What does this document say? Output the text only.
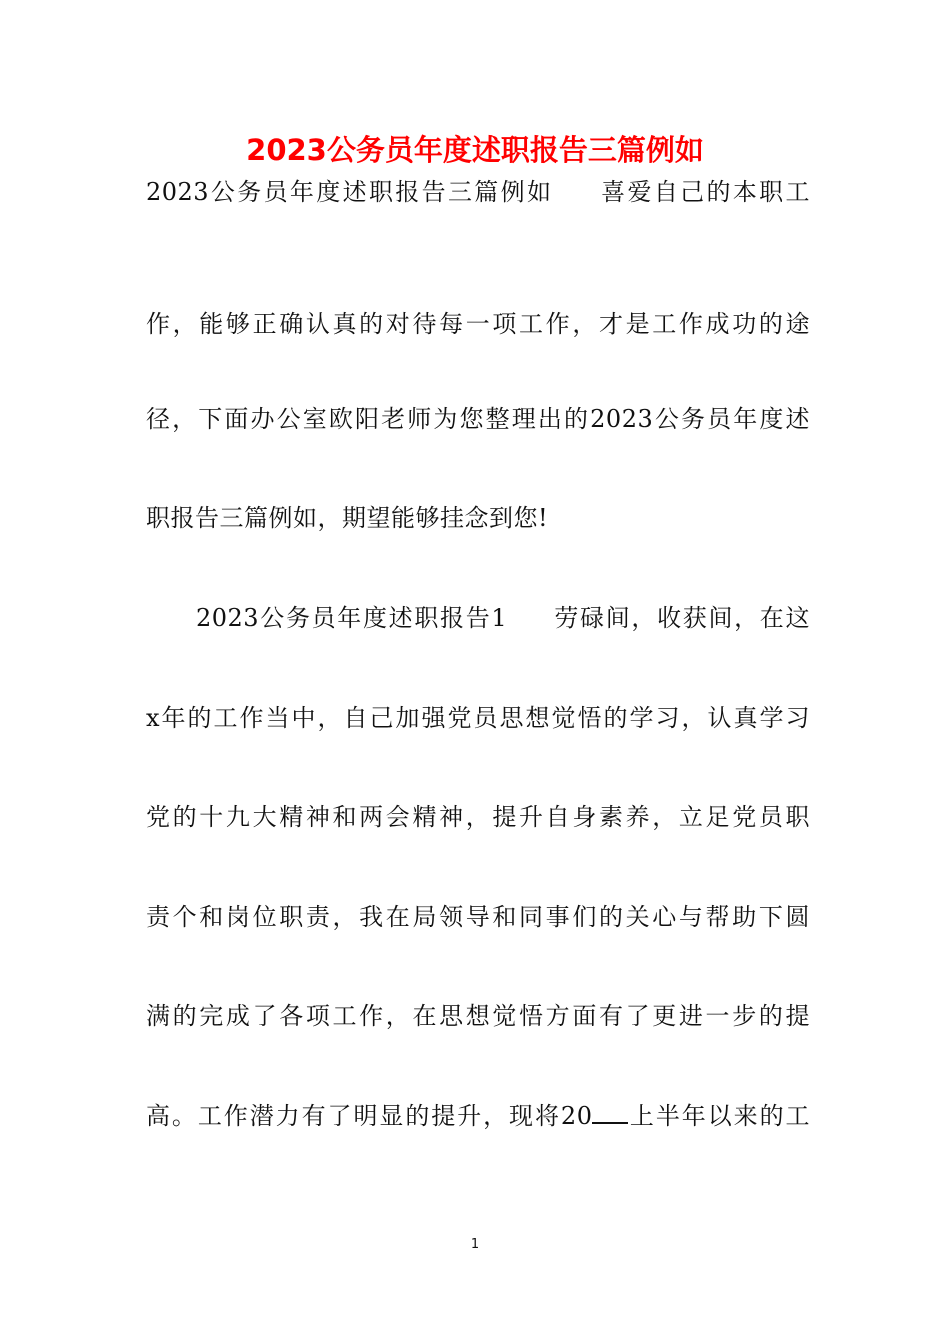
2023公务员年度述职报告三篇例如
2023公务员年度述职报告三篇例如 喜爱自己的本职工
作，能够正确认真的对待每一项工作，才是工作成功的途
径，下面办公室欧阳老师为您整理出的2023公务员年度述
职报告三篇例如，期望能够挂念到您!
2023公务员年度述职报告1 劳碌间，收获间，在这
x年的工作当中，自己加强党员思想觉悟的学习，认真学习
党的十九大精神和两会精神，提升自身素养，立足党员职
责个和岗位职责，我在局领导和同事们的关心与帮助下圆
满的完成了各项工作，在思想觉悟方面有了更进一步的提
高。工作潜力有了明显的提升，现将20 上半年以来的工
1
